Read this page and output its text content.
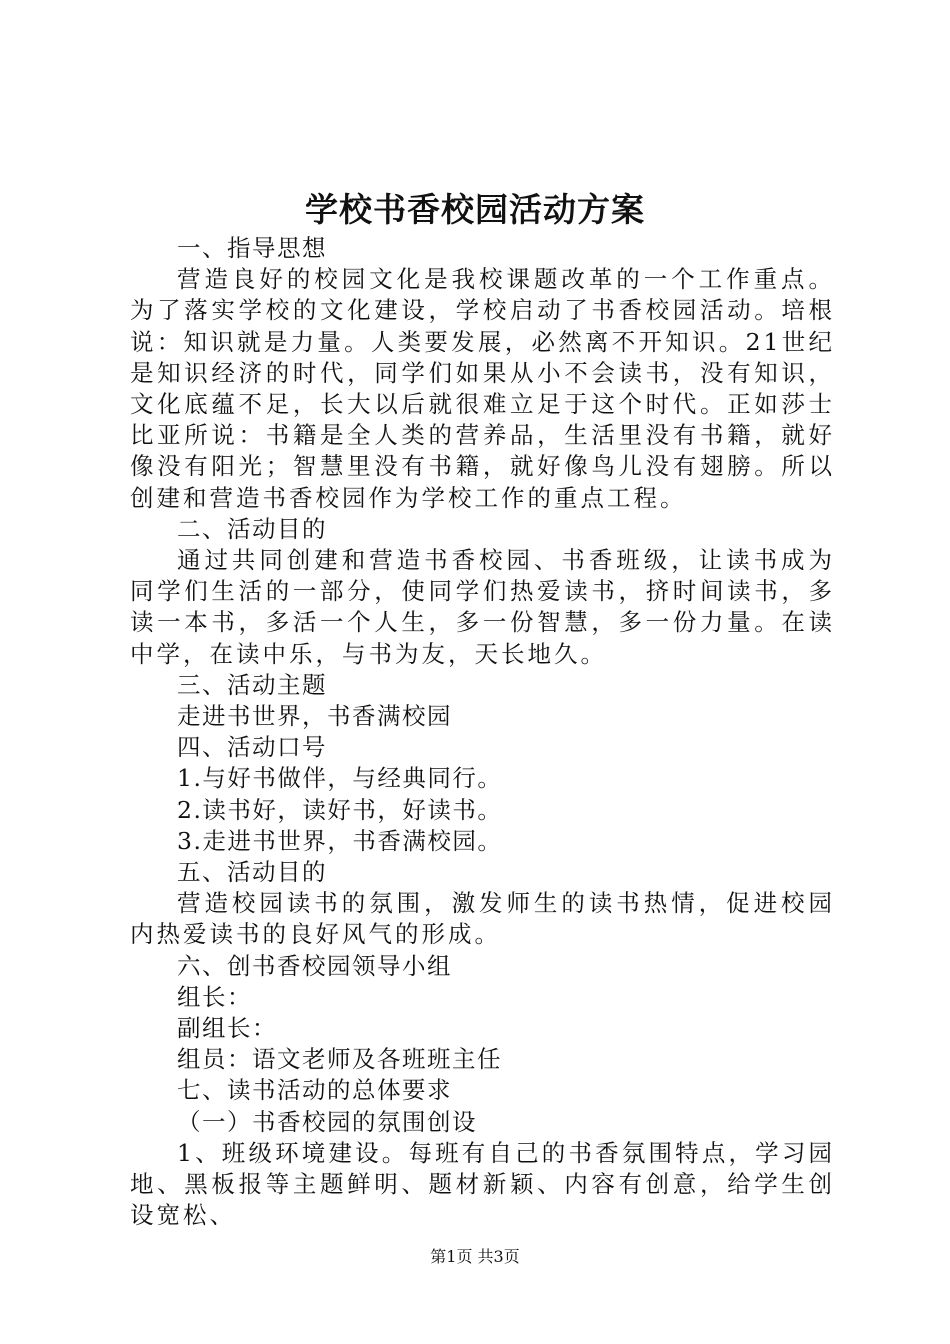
学校书香校园活动方案

一、指导思想

营造良好的校园文化是我校课题改革的一个工作重点。为了落实学校的文化建设，学校启动了书香校园活动。培根说：知识就是力量。人类要发展，必然离不开知识。21世纪是知识经济的时代，同学们如果从小不会读书，没有知识，文化底蕴不足，长大以后就很难立足于这个时代。正如莎士比亚所说：书籍是全人类的营养品，生活里没有书籍，就好像没有阳光；智慧里没有书籍，就好像鸟儿没有翅膀。所以创建和营造书香校园作为学校工作的重点工程。

二、活动目的

通过共同创建和营造书香校园、书香班级，让读书成为同学们生活的一部分，使同学们热爱读书，挤时间读书，多读一本书，多活一个人生，多一份智慧，多一份力量。在读中学，在读中乐，与书为友，天长地久。

三、活动主题

走进书世界，书香满校园

四、活动口号

1.与好书做伴，与经典同行。

2.读书好，读好书，好读书。

3.走进书世界，书香满校园。

五、活动目的

营造校园读书的氛围，激发师生的读书热情，促进校园内热爱读书的良好风气的形成。

六、创书香校园领导小组

组长：

副组长：

组员：语文老师及各班班主任

七、读书活动的总体要求

（一）书香校园的氛围创设

1、班级环境建设。每班有自己的书香氛围特点，学习园地、黑板报等主题鲜明、题材新颖、内容有创意，给学生创设宽松、

第1页 共3页
